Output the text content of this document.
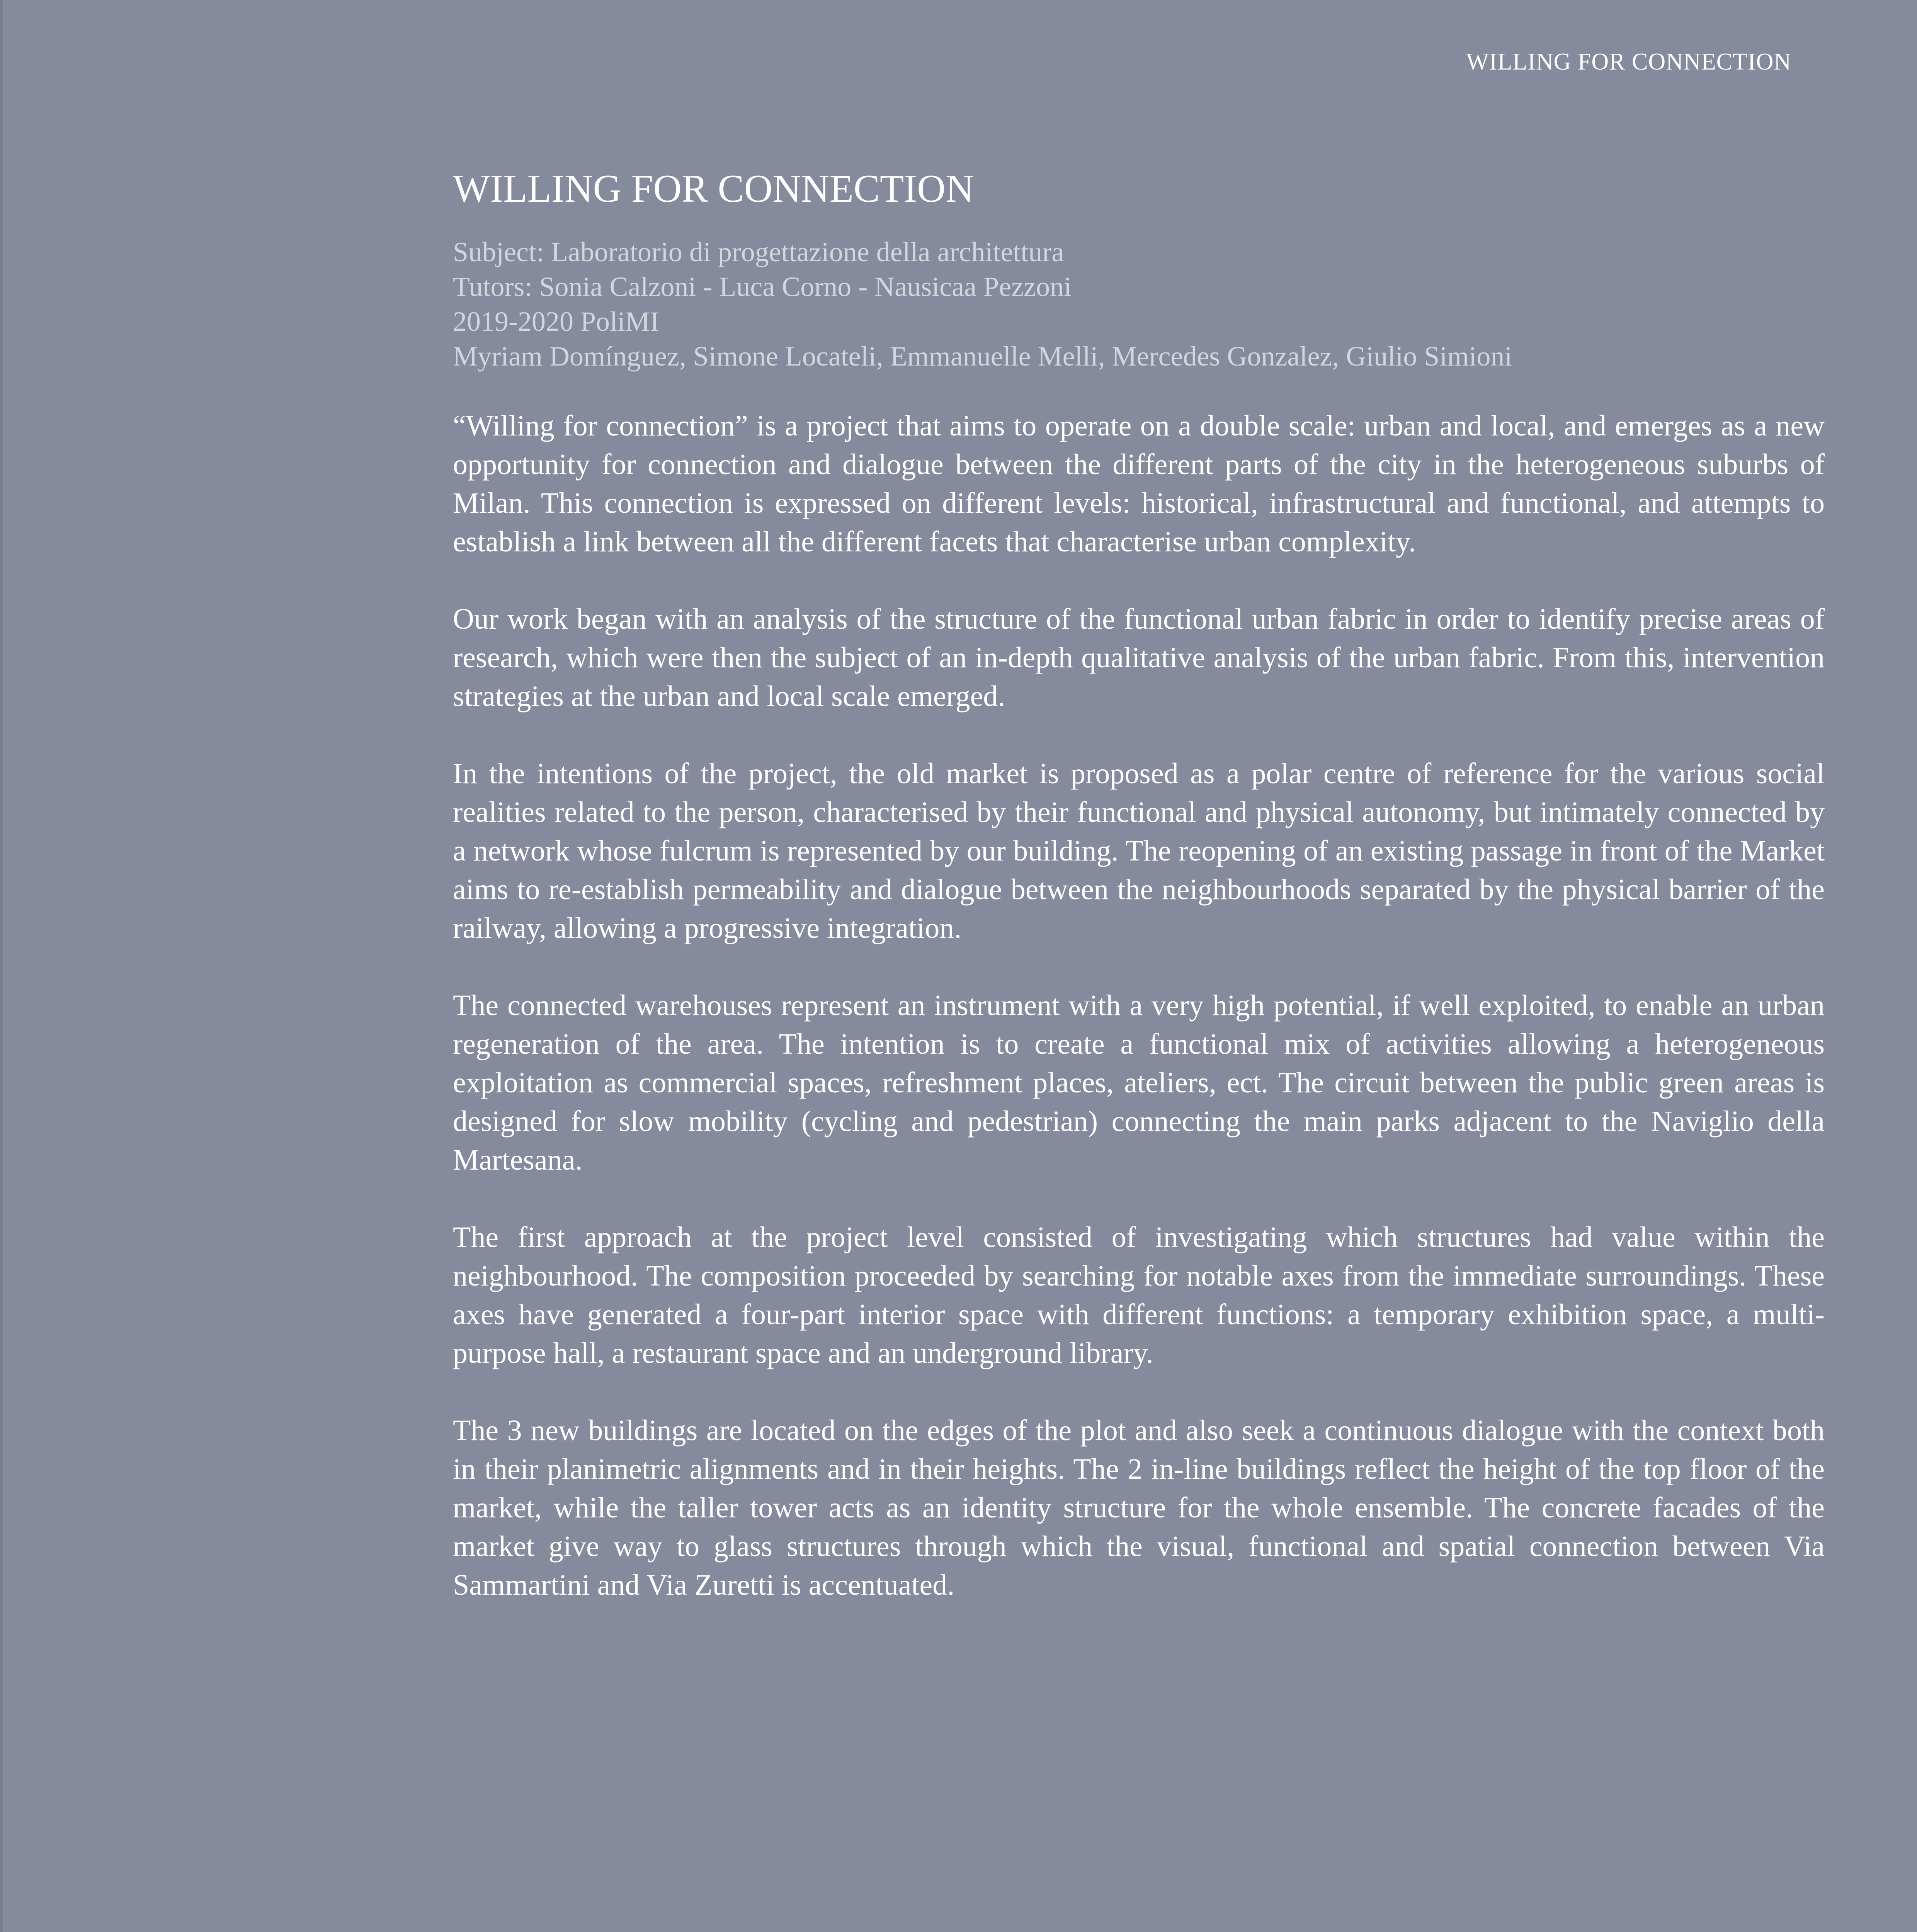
WILLING FOR CONNECTION
WILLING FOR CONNECTION
Subject: Laboratorio di progettazione della architettura
Tutors: Sonia Calzoni - Luca Corno - Nausicaa Pezzoni
2019-2020 PoliMI
Myriam Domínguez, Simone Locateli, Emmanuelle Melli, Mercedes Gonzalez, Giulio Simioni

“Willing for connection” is a project that aims to operate on a double scale: urban and local, and emerges as a new opportunity for connection and dialogue between the different parts of the city in the heterogeneous suburbs of Milan. This connection is expressed on different levels: historical, infrastructural and functional, and attempts to establish a link between all the different facets that characterise urban complexity.

Our work began with an analysis of the structure of the functional urban fabric in order to identify precise areas of research, which were then the subject of an in-depth qualitative analysis of the urban fabric. From this, intervention strategies at the urban and local scale emerged.

In the intentions of the project, the old market is proposed as a polar centre of reference for the various social realities related to the person, characterised by their functional and physical autonomy, but intimately connected by a network whose fulcrum is represented by our building. The reopening of an existing passage in front of the Market aims to re-establish permeability and dialogue between the neighbourhoods separated by the physical barrier of the railway, allowing a progressive integration.

The connected warehouses represent an instrument with a very high potential, if well exploited, to enable an urban regeneration of the area. The intention is to create a functional mix of activities allowing a heterogeneous exploitation as commercial spaces, refreshment places, ateliers, ect. The circuit between the public green areas is designed for slow mobility (cycling and pedestrian) connecting the main parks adjacent to the Naviglio della Martesana.

The first approach at the project level consisted of investigating which structures had value within the neighbourhood. The composition proceeded by searching for notable axes from the immediate surroundings. These axes have generated a four-part interior space with different functions: a temporary exhibition space, a multi-purpose hall, a restaurant space and an underground library.

The 3 new buildings are located on the edges of the plot and also seek a continuous dialogue with the context both in their planimetric alignments and in their heights. The 2 in-line buildings reflect the height of the top floor of the market, while the taller tower acts as an identity structure for the whole ensemble. The concrete facades of the market give way to glass structures through which the visual, functional and spatial connection between Via Sammartini and Via Zuretti is accentuated.
